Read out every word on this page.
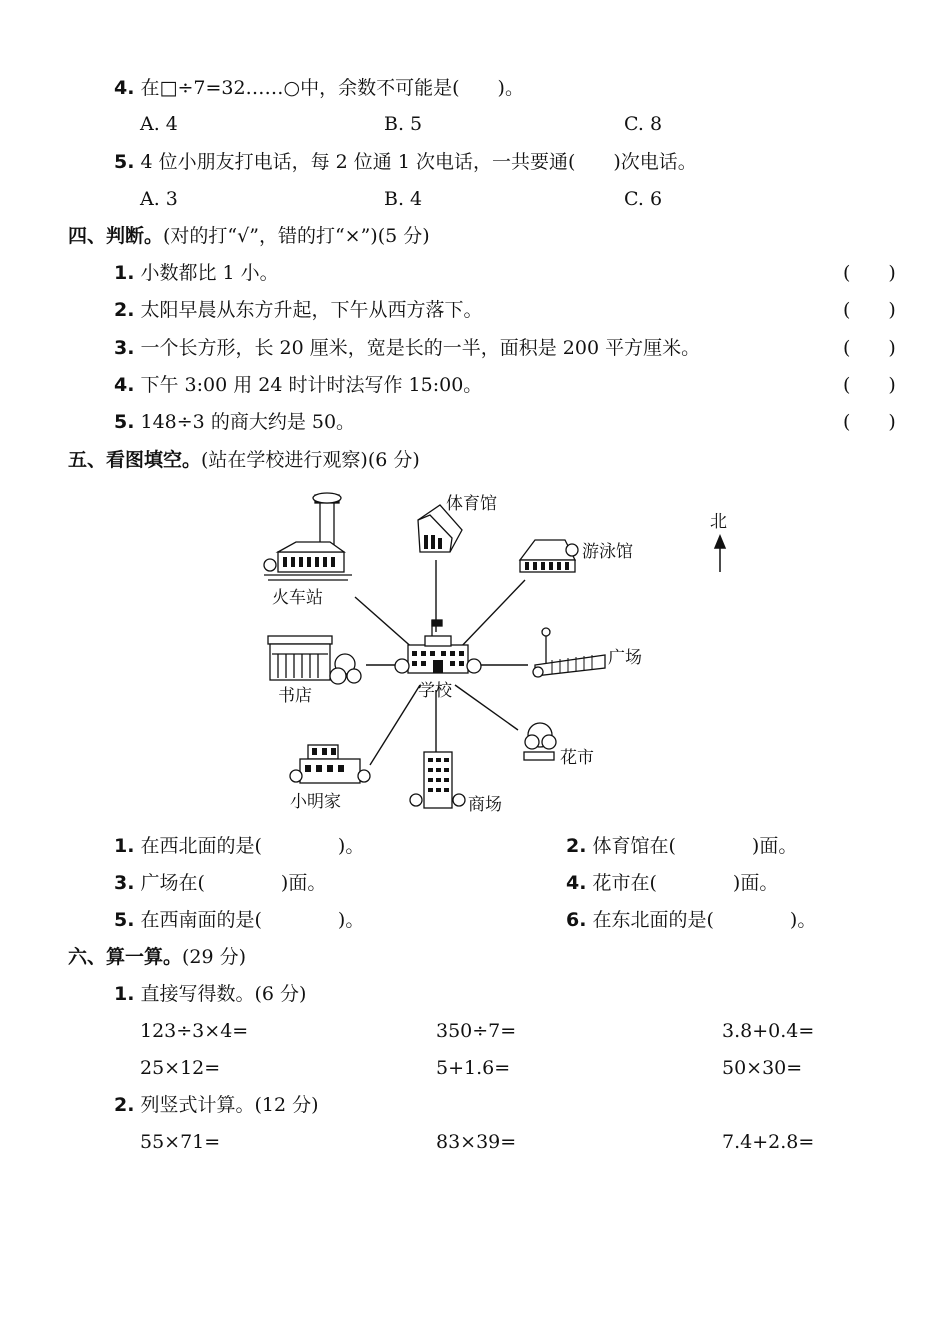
4. 在□÷7=32……○中，余数不可能是(　　)。
A. 4	B. 5	C. 8
5. 4 位小朋友打电话，每 2 位通 1 次电话，一共要通(　　)次电话。
A. 3	B. 4	C. 6
四、判断。(对的打“√”，错的打“×”)(5 分)
1. 小数都比 1 小。	(　　)
2. 太阳早晨从东方升起，下午从西方落下。	(　　)
3. 一个长方形，长 20 厘米，宽是长的一半，面积是 200 平方厘米。	(　　)
4. 下午 3:00 用 24 时计时法写作 15:00。	(　　)
5. 148÷3 的商大约是 50。	(　　)
五、看图填空。(站在学校进行观察)(6 分)
体育馆
游泳馆
火车站
广场
书店	学校
花市
小明家	商场
北
1. 在西北面的是(　　　　)。	2. 体育馆在(　　　　)面。
3. 广场在(　　　　)面。	4. 花市在(　　　　)面。
5. 在西南面的是(　　　　)。	6. 在东北面的是(　　　　)。
六、算一算。(29 分)
1. 直接写得数。(6 分)
123÷3×4=	350÷7=	3.8+0.4=
25×12=	5+1.6=	50×30=
2. 列竖式计算。(12 分)
55×71=	83×39=	7.4+2.8=
